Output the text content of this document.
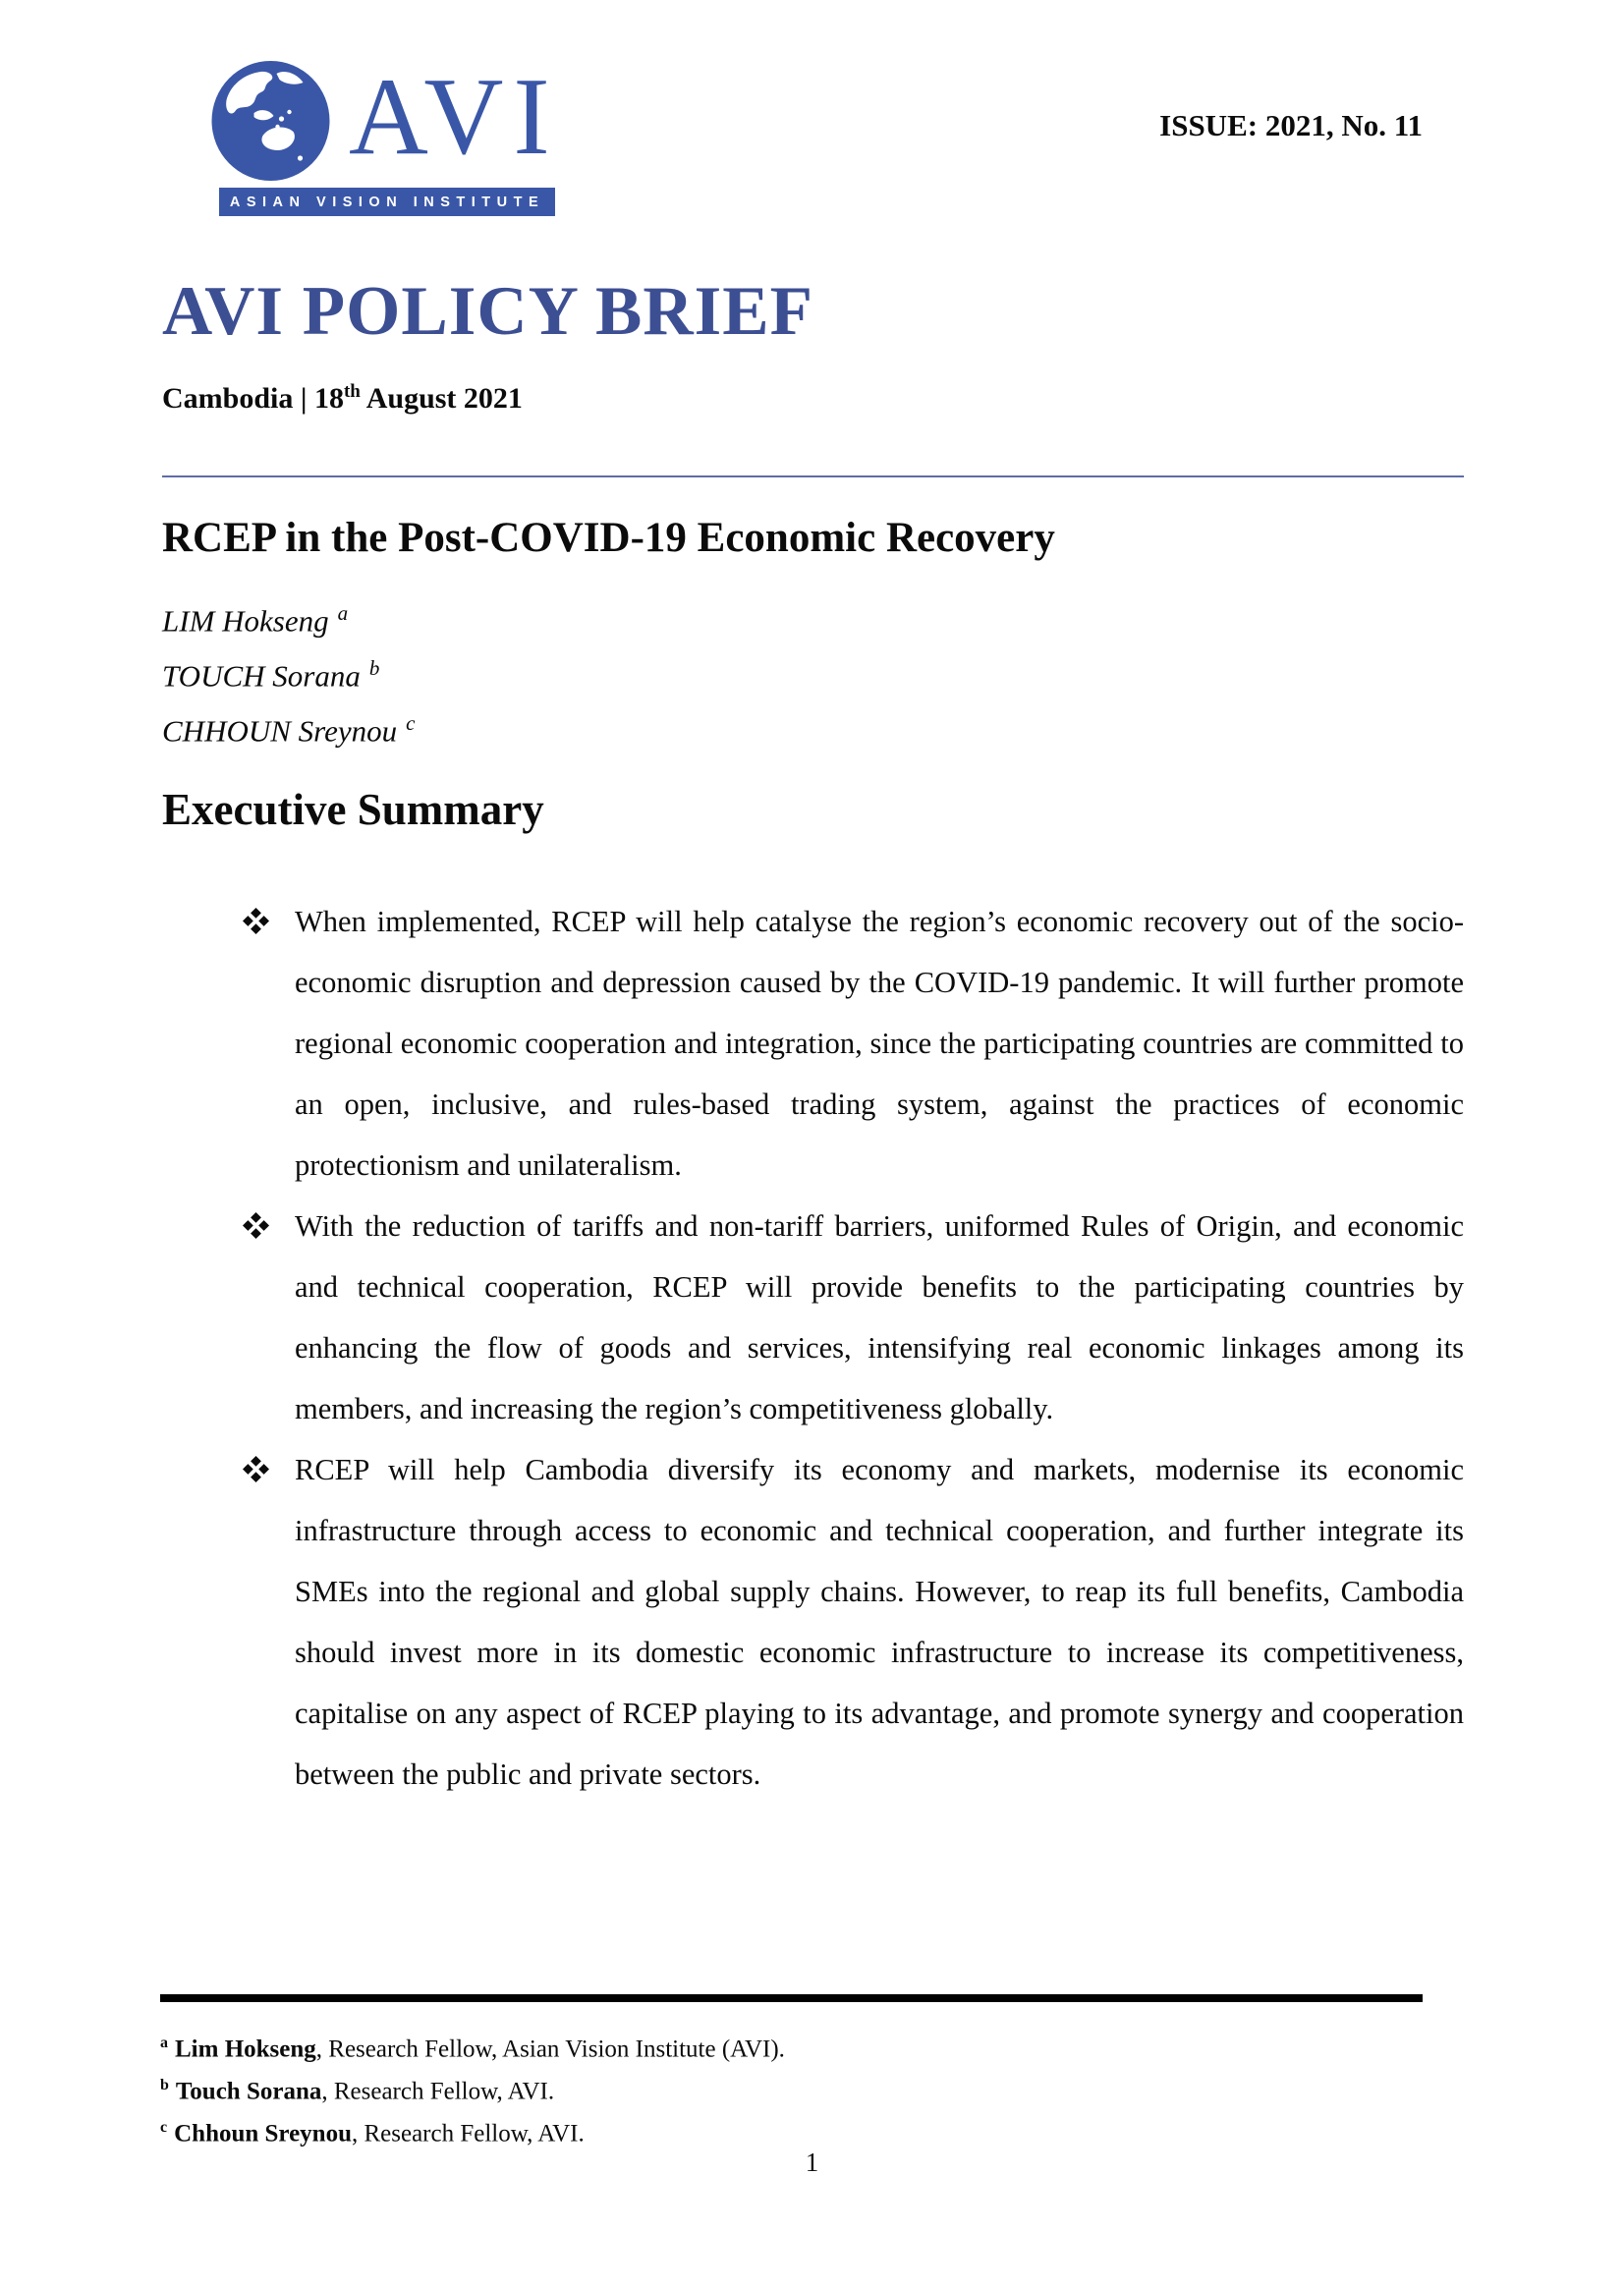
AVI
ASIAN VISION INSTITUTE
ISSUE: 2021, No. 11
AVI POLICY BRIEF
Cambodia | 18th August 2021
RCEP in the Post-COVID-19 Economic Recovery
LIM Hokseng $^a$
TOUCH Sorana $^b$
CHHOUN Sreynou $^c$
Executive Summary
When implemented, RCEP will help catalyse the region’s economic recovery out of the socio-economic disruption and depression caused by the COVID-19 pandemic. It will further promote regional economic cooperation and integration, since the participating countries are committed to an open, inclusive, and rules-based trading system, against the practices of economic protectionism and unilateralism.
With the reduction of tariffs and non-tariff barriers, uniformed Rules of Origin, and economic and technical cooperation, RCEP will provide benefits to the participating countries by enhancing the flow of goods and services, intensifying real economic linkages among its members, and increasing the region’s competitiveness globally.
RCEP will help Cambodia diversify its economy and markets, modernise its economic infrastructure through access to economic and technical cooperation, and further integrate its SMEs into the regional and global supply chains. However, to reap its full benefits, Cambodia should invest more in its domestic economic infrastructure to increase its competitiveness, capitalise on any aspect of RCEP playing to its advantage, and promote synergy and cooperation between the public and private sectors.
$^a$ Lim Hokseng, Research Fellow, Asian Vision Institute (AVI).
$^b$ Touch Sorana, Research Fellow, AVI.
$^c$ Chhoun Sreynou, Research Fellow, AVI.
1
